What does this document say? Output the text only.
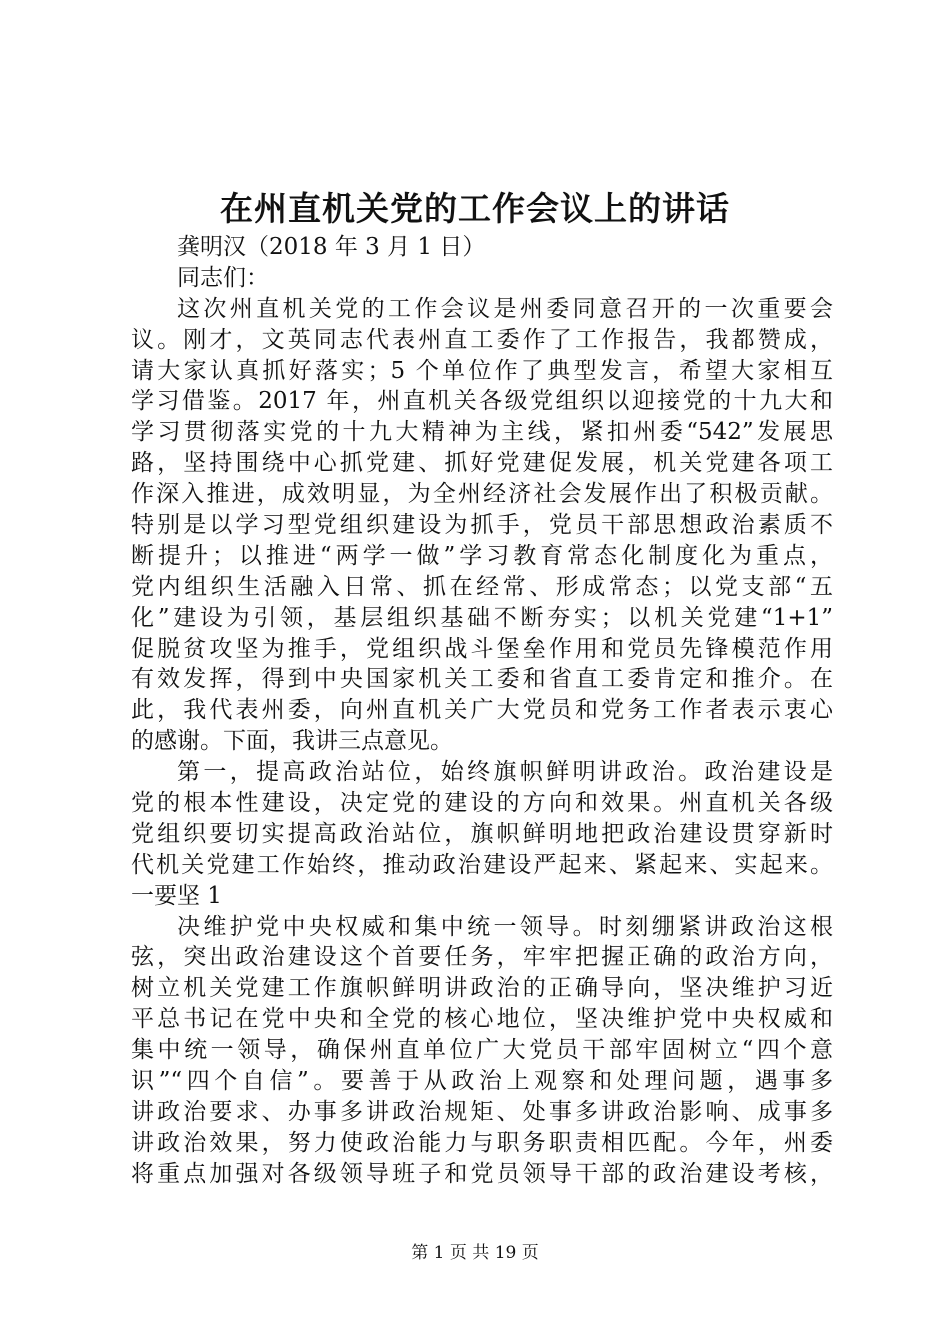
在州直机关党的工作会议上的讲话
龚明汉（2018 年 3 月 1 日）
同志们：
这次州直机关党的工作会议是州委同意召开的一次重要会
议。刚才，文英同志代表州直工委作了工作报告，我都赞成，
请大家认真抓好落实；5 个单位作了典型发言，希望大家相互
学习借鉴。2017 年，州直机关各级党组织以迎接党的十九大和
学习贯彻落实党的十九大精神为主线，紧扣州委“542”发展思
路，坚持围绕中心抓党建、抓好党建促发展，机关党建各项工
作深入推进，成效明显，为全州经济社会发展作出了积极贡献。
特别是以学习型党组织建设为抓手，党员干部思想政治素质不
断提升；以推进“两学一做”学习教育常态化制度化为重点，
党内组织生活融入日常、抓在经常、形成常态；以党支部“五
化”建设为引领，基层组织基础不断夯实；以机关党建“1+1”
促脱贫攻坚为推手，党组织战斗堡垒作用和党员先锋模范作用
有效发挥，得到中央国家机关工委和省直工委肯定和推介。在
此，我代表州委，向州直机关广大党员和党务工作者表示衷心
的感谢。下面，我讲三点意见。
第一，提高政治站位，始终旗帜鲜明讲政治。政治建设是
党的根本性建设，决定党的建设的方向和效果。州直机关各级
党组织要切实提高政治站位，旗帜鲜明地把政治建设贯穿新时
代机关党建工作始终，推动政治建设严起来、紧起来、实起来。
一要坚 1
决维护党中央权威和集中统一领导。时刻绷紧讲政治这根
弦，突出政治建设这个首要任务，牢牢把握正确的政治方向，
树立机关党建工作旗帜鲜明讲政治的正确导向，坚决维护习近
平总书记在党中央和全党的核心地位，坚决维护党中央权威和
集中统一领导，确保州直单位广大党员干部牢固树立“四个意
识”“四个自信”。要善于从政治上观察和处理问题，遇事多
讲政治要求、办事多讲政治规矩、处事多讲政治影响、成事多
讲政治效果，努力使政治能力与职务职责相匹配。今年，州委
将重点加强对各级领导班子和党员领导干部的政治建设考核，
第 1 页 共 19 页
